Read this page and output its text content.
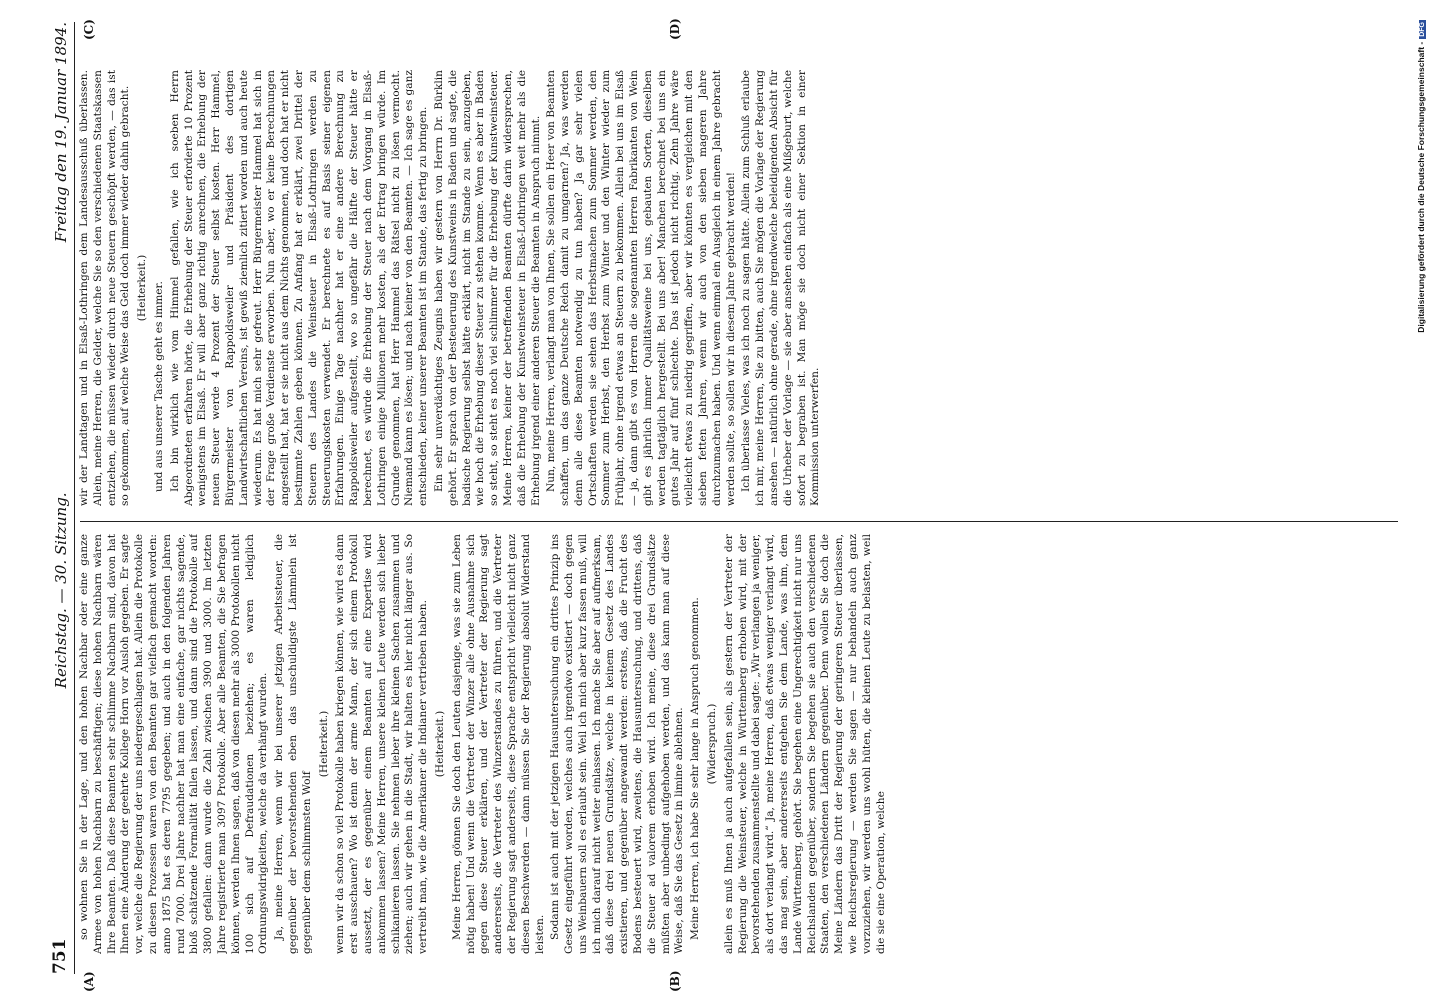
751
Reichstag. — 30. Sitzung.
Freitag den 19. Januar 1894.
(A)	(B)
(C)	(D)

so wohnen Sie in der Lage, und den hohen Nachbar oder eine ganze Armee von hohen Nachbarn zu beschäftigen; diese hohen Nachbarn wären Ihre Beamten. Daß diese Beamten sehr schlimme Nachbarn sind, davon hat Ihnen eine Änderung der geehrte Kollege Horn vor Ausloh gegeben. Er sagte vor, welche die Regierung der uns niedergeschlagen hat. Allein die Protokolle zu diesen Prozessen waren von den Beamten gar vielfach gemacht worden: anno 1875 hat es deren 7795 gegeben; und auch in den folgenden Jahren rund 7000. Drei Jahre nachher hat man eine einfache, gar nichts sagende, bloß schätzende Formalität fallen lassen, und dann sind die Protokolle auf 3800 gefallen: dann wurde die Zahl zwischen 3900 und 3000. Im letzten Jahre registrierte man 3097 Protokolle. Aber alle Beamten, die Sie befragen können, werden Ihnen sagen, daß von diesen mehr als 3000 Protokollen nicht 100 sich auf Defraudationen beziehen; es waren lediglich Ordnungswidrigkeiten, welche da verhängt wurden. Ja, meine Herren, wenn wir bei unserer jetzigen Arbeitssteuer, die gegenüber der bevorstehenden eben das unschuldigste Lämmlein ist gegenüber dem schlimmsten Wolf

(Heiterkeit.) wenn wir da schon so viel Protokolle haben kriegen können, wie wird es dann erst ausschauen? Wo ist denn der arme Mann, der sich einem Protokoll aussetzt, der es gegenüber einem Beamten auf eine Expertise wird ankommen lassen? Meine Herren, unsere kleinen Leute werden sich lieber schikanieren lassen. Sie nehmen lieber ihre kleinen Sachen zusammen und ziehen; auch wir gehen in die Stadt, wir halten es hier nicht länger aus. So vertreibt man, wie die Amerikaner die Indianer vertrieben haben. (Heiterkeit.) Meine Herren, gönnen Sie doch den Leuten dasjenige, was sie zum Leben nötig haben! Und wenn die Vertreter der Winzer alle ohne Ausnahme sich gegen diese Steuer erklären, und der Vertreter der Regierung sagt andererseits, die Vertreter des Winzerstandes zu führen, und die Vertreter der Regierung sagt anderseits, diese Sprache entspricht vielleicht nicht ganz diesen Beschwerden — dann müssen Sie der Regierung absolut Widerstand leisten. Sodann ist auch mit der jetzigen Hausuntersuchung ein drittes Prinzip ins Gesetz eingeführt worden, welches auch irgendwo existiert — doch gegen uns Weinbauern soll es erlaubt sein. Weil ich mich aber kurz fassen muß, will ich mich darauf nicht weiter einlassen. Ich mache Sie aber auf aufmerksam, daß diese drei neuen Grundsätze, welche in keinem Gesetz des Landes existieren, und gegenüber angewandt werden: erstens, daß die Frucht des Bodens besteuert wird, zweitens, die Hausuntersuchung, und drittens, daß die Steuer ad valorem erhoben wird. Ich meine, diese drei Grundsätze müßten aber unbedingt aufgehoben werden, und das kann man auf diese Weise, daß Sie das Gesetz in limine ablehnen. Meine Herren, ich habe Sie sehr lange in Anspruch genommen. (Widerspruch.) allein es muß Ihnen ja auch aufgefallen sein, als gestern der Vertreter der Regierung die Weinsteuer, welche in Württemberg erhoben wird, mit der bevorstehenden zusammenstellte und dabei sagte: „Wir verlangen ja weniger, als dort verlangt wird.“ Ja, meine Herren, daß etwas weniger verlangt wird, das mag sein, aber andererseits entgehen Sie dem Lande, was ihm, dem Lande Württemberg, gehört. Sie begehen eine Ungerechtigkeit nicht nur uns Reichslanden gegenüber, sondern Sie begehen sie auch den verschiedenen Staaten, den verschiedenen Ländern gegenüber. Denn wollen Sie doch die Meine Ländern das Dritt der Regierung der geringeren Steuer überlassen, wie Reichsregierung — werden Sie sagen — nur behandeln auch ganz vorzuziehen, wir werden uns wohl hüten, die kleinen Leute zu belasten, weil die sie eine Operation, welche

wir der Landtagen und in Elsaß-Lothringen dem Landesausschuß überlassen. Allein, meine Herren, die Gelder, welche Sie so den verschiedenen Staatskassen entziehen, die müssen wieder durch neue Steuern geschöpft werden, — das ist so gekommen, auf welche Weise das Geld doch immer wieder dahin gebracht. (Heiterkeit.) und aus unserer Tasche geht es immer. Ich bin wirklich wie vom Himmel gefallen, wie ich soeben Herrn Abgeordneten erfahren hörte, die Erhebung der Steuer erforderte 10 Prozent wenigstens im Elsaß. Er will aber ganz richtig anrechnen, die Erhebung der neuen Steuer werde 4 Prozent der Steuer selbst kosten. Herr Hammel, Bürgermeister von Rappoldsweiler und Präsident des dortigen Landwirtschaftlichen Vereins, ist gewiß ziemlich zitiert worden und auch heute wiederum. Es hat mich sehr gefreut. Herr Bürgermeister Hammel hat sich in der Frage große Verdienste erworben. Nun aber, wo er keine Berechnungen angestellt hat, hat er sie nicht aus dem Nichts genommen, und doch hat er nicht bestimmte Zahlen geben können. Zu Anfang hat er erklärt, zwei Drittel der Steuern des Landes die Weinsteuer in Elsaß-Lothringen werden zu Steuerungskosten verwendet. Er berechnete es auf Basis seiner eigenen Erfahrungen. Einige Tage nachher hat er eine andere Berechnung zu Rappoldsweiler aufgestellt, wo so ungefähr die Hälfte der Steuer hätte er berechnet, es würde die Erhebung der Steuer nach dem Vorgang in Elsaß-Lothringen einige Millionen mehr kosten, als der Ertrag bringen würde. Im Grunde genommen, hat Herr Hammel das Rätsel nicht zu lösen vermocht. Niemand kann es lösen; und nach keiner von den Beamten. — Ich sage es ganz entschieden, keiner unserer Beamten ist im Stande, das fertig zu bringen. Ein sehr unverdächtiges Zeugnis haben wir gestern von Herrn Dr. Bürklin gehört. Er sprach von der Besteuerung des Kunstweins in Baden und sagte, die badische Regierung selbst hätte erklärt, nicht im Stande zu sein, anzugeben, wie hoch die Erhebung dieser Steuer zu stehen komme. Wenn es aber in Baden so steht, so steht es noch viel schlimmer für die Erhebung der Kunstweinsteuer. Meine Herren, keiner der betreffenden Beamten dürfte darin widersprechen, daß die Erhebung der Kunstweinsteuer in Elsaß-Lothringen weit mehr als die Erhebung irgend einer anderen Steuer die Beamten in Anspruch nimmt. Nun, meine Herren, verlangt man von Ihnen, Sie sollen ein Heer von Beamten schaffen, um das ganze Deutsche Reich damit zu umgarnen? Ja, was werden denn alle diese Beamten notwendig zu tun haben? Ja gar sehr vielen Ortschaften werden sie sehen das Herbstmachen zum Sommer werden, den Sommer zum Herbst, den Herbst zum Winter und den Winter wieder zum Frühjahr, ohne irgend etwas an Steuern zu bekommen. Allein bei uns im Elsaß — ja, dann gibt es von Herren die sogenannten Herren Fabrikanten von Wein gibt es jährlich immer Qualitätsweine bei uns, gebauten Sorten, dieselben werden tagtäglich hergestellt. Bei uns aber! Manchen berechnet bei uns ein gutes Jahr auf fünf schlechte. Das ist jedoch nicht richtig. Zehn Jahre wäre vielleicht etwas zu niedrig gegriffen, aber wir könnten es vergleichen mit den sieben fetten Jahren, wenn wir auch von den sieben mageren Jahre durchzumachen haben. Und wenn einmal ein Ausgleich in einem Jahre gebracht werden sollte, so sollen wir in diesem Jahre gebracht werden! Ich überlasse Vieles, was ich noch zu sagen hätte. Allein zum Schluß erlaube ich mir, meine Herren, Sie zu bitten, auch Sie mögen die Vorlage der Regierung ansehen — natürlich ohne gerade, ohne irgendwelche beleidigenden Absicht für die Urheber der Vorlage — sie aber ansehen einfach als eine Mißgeburt, welche sofort zu begraben ist. Man möge sie doch nicht einer Sektion in einer Kommission unterwerfen.

Digitalisierung gefördert durch die Deutsche Forschungsgemeinschaft -DFG
